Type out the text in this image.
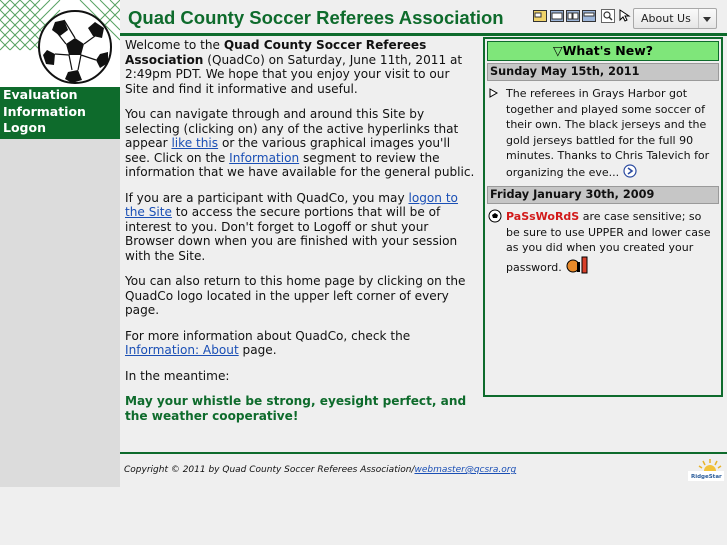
Evaluation
Information
Logon
Quad County Soccer Referees Association	About Us

Welcome to the Quad County Soccer Referees Association (QuadCo) on Saturday, June 11th, 2011 at 2:49pm PDT. We hope that you enjoy your visit to our Site and find it informative and useful.

You can navigate through and around this Site by selecting (clicking on) any of the active hyperlinks that appear like this or the various graphical images you'll see. Click on the Information segment to review the information that we have available for the general public.

If you are a participant with QuadCo, you may logon to the Site to access the secure portions that will be of interest to you. Don't forget to Logoff or shut your Browser down when you are finished with your session with the Site.

You can also return to this home page by clicking on the QuadCo logo located in the upper left corner of every page.

For more information about QuadCo, check the Information: About page.

In the meantime:

May your whistle be strong, eyesight perfect, and the weather cooperative!

▽What's New?
Sunday May 15th, 2011
The referees in Grays Harbor got together and played some soccer of their own. The black jerseys and the gold jerseys battled for the full 90 minutes. Thanks to Chris Talevich for organizing the eve...
Friday January 30th, 2009
PaSsWoRdS are case sensitive; so be sure to use UPPER and lower case as you did when you created your password.
Copyright © 2011 by Quad County Soccer Referees Association/webmaster@qcsra.org
RidgeStar
